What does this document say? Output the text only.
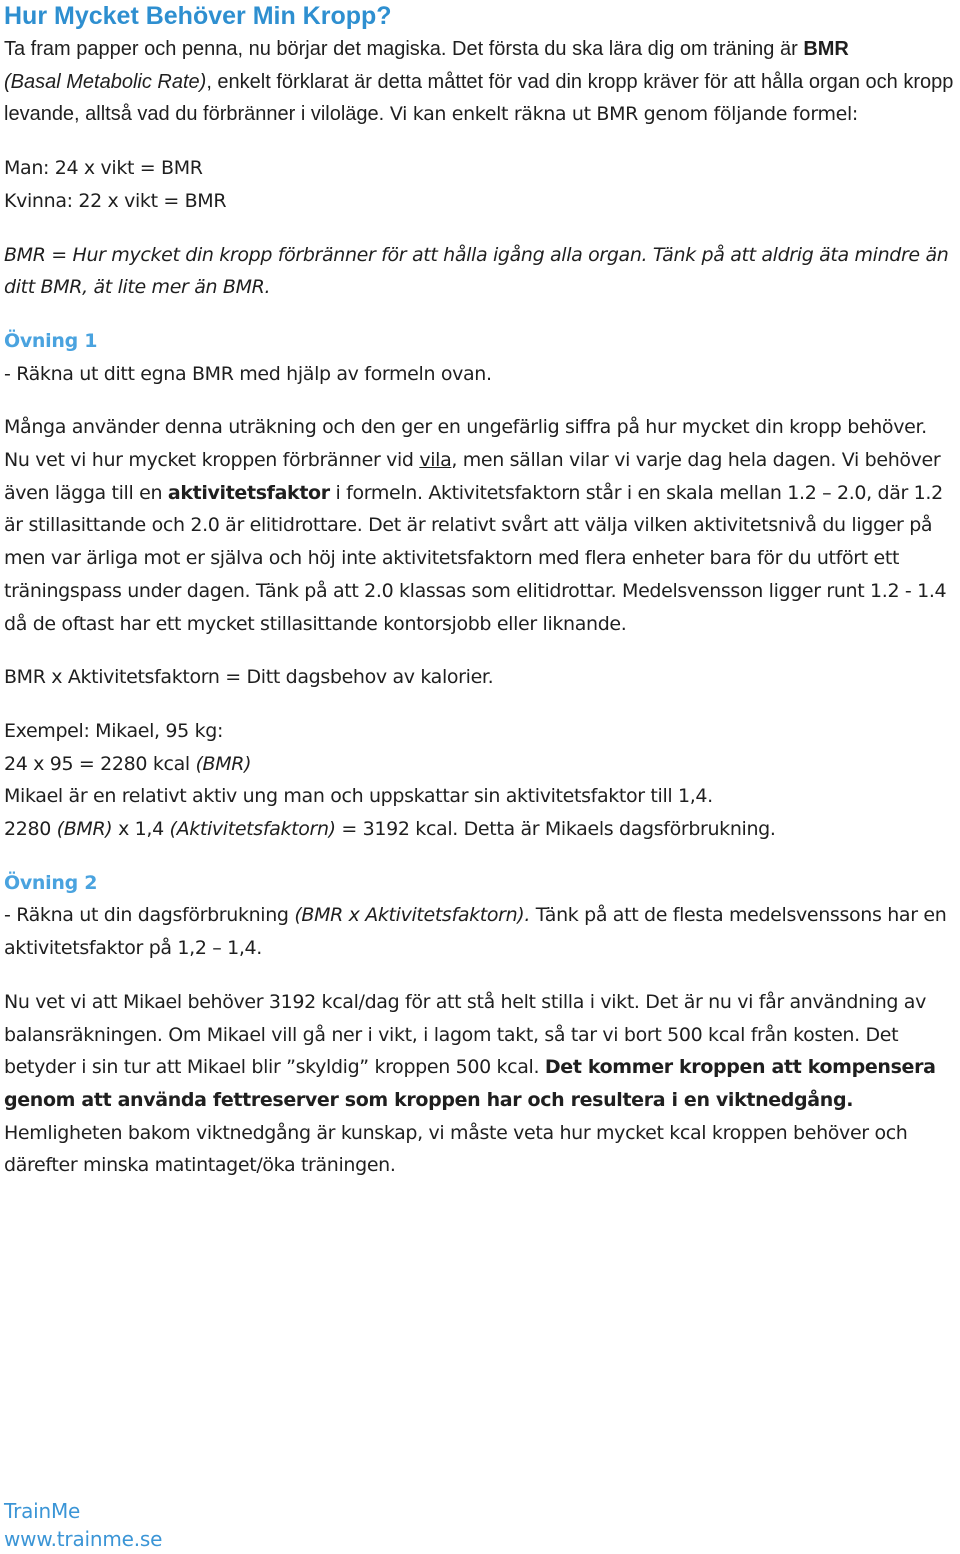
Hur Mycket Behöver Min Kropp?

Ta fram papper och penna, nu börjar det magiska. Det första du ska lära dig om träning är BMR
(Basal Metabolic Rate), enkelt förklarat är detta måttet för vad din kropp kräver för att hålla organ och kropp levande, alltså vad du förbränner i viloläge. Vi kan enkelt räkna ut BMR genom följande formel:

Man: 24 x vikt = BMR

Kvinna: 22 x vikt = BMR

BMR = Hur mycket din kropp förbränner för att hålla igång alla organ. Tänk på att aldrig äta mindre än ditt BMR, ät lite mer än BMR.

Övning 1

- Räkna ut ditt egna BMR med hjälp av formeln ovan.

Många använder denna uträkning och den ger en ungefärlig siffra på hur mycket din kropp behöver. Nu vet vi hur mycket kroppen förbränner vid vila, men sällan vilar vi varje dag hela dagen. Vi behöver även lägga till en aktivitetsfaktor i formeln. Aktivitetsfaktorn står i en skala mellan 1.2 – 2.0, där 1.2 är stillasittande och 2.0 är elitidrottare. Det är relativt svårt att välja vilken aktivitetsnivå du ligger på men var ärliga mot er själva och höj inte aktivitetsfaktorn med flera enheter bara för du utfört ett träningspass under dagen. Tänk på att 2.0 klassas som elitidrottar. Medelsvensson ligger runt 1.2 - 1.4 då de oftast har ett mycket stillasittande kontorsjobb eller liknande.

BMR x Aktivitetsfaktorn = Ditt dagsbehov av kalorier.

Exempel: Mikael, 95 kg:

24 x 95 = 2280 kcal (BMR)

Mikael är en relativt aktiv ung man och uppskattar sin aktivitetsfaktor till 1,4.

2280 (BMR) x 1,4 (Aktivitetsfaktorn) = 3192 kcal. Detta är Mikaels dagsförbrukning.

Övning 2

- Räkna ut din dagsförbrukning (BMR x Aktivitetsfaktorn). Tänk på att de flesta medelsvenssons har en aktivitetsfaktor på 1,2 – 1,4.

Nu vet vi att Mikael behöver 3192 kcal/dag för att stå helt stilla i vikt. Det är nu vi får användning av balansräkningen. Om Mikael vill gå ner i vikt, i lagom takt, så tar vi bort 500 kcal från kosten. Det betyder i sin tur att Mikael blir ”skyldig” kroppen 500 kcal. Det kommer kroppen att kompensera genom att använda fettreserver som kroppen har och resultera i en viktnedgång. Hemligheten bakom viktnedgång är kunskap, vi måste veta hur mycket kcal kroppen behöver och därefter minska matintaget/öka träningen.

TrainMe
www.trainme.se
